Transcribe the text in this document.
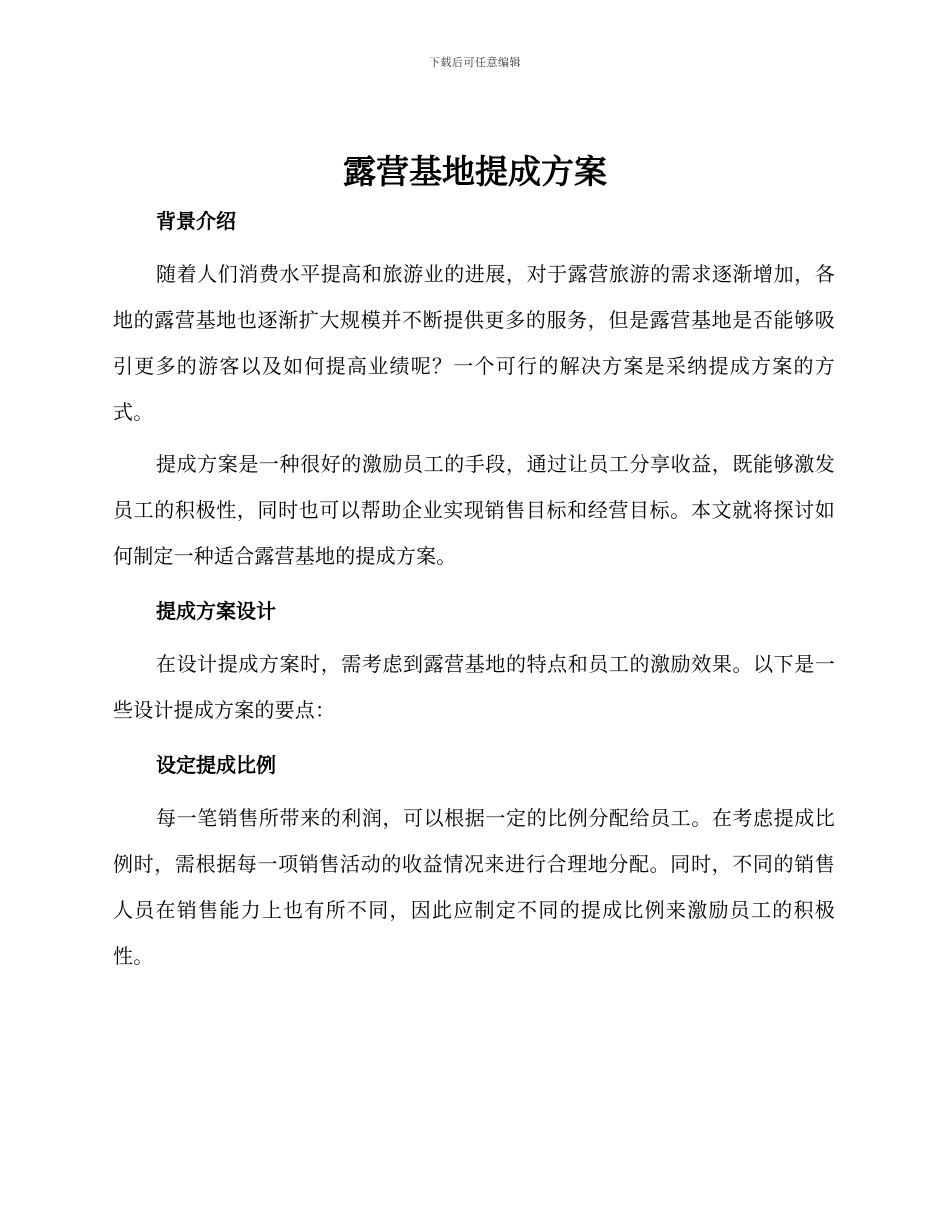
下载后可任意编辑
露营基地提成方案
背景介绍

随着人们消费水平提高和旅游业的进展，对于露营旅游的需求逐渐增加，各地的露营基地也逐渐扩大规模并不断提供更多的服务，但是露营基地是否能够吸引更多的游客以及如何提高业绩呢？一个可行的解决方案是采纳提成方案的方式。

提成方案是一种很好的激励员工的手段，通过让员工分享收益，既能够激发员工的积极性，同时也可以帮助企业实现销售目标和经营目标。本文就将探讨如何制定一种适合露营基地的提成方案。

提成方案设计

在设计提成方案时，需考虑到露营基地的特点和员工的激励效果。以下是一些设计提成方案的要点：

设定提成比例

每一笔销售所带来的利润，可以根据一定的比例分配给员工。在考虑提成比例时，需根据每一项销售活动的收益情况来进行合理地分配。同时，不同的销售人员在销售能力上也有所不同，因此应制定不同的提成比例来激励员工的积极性。
